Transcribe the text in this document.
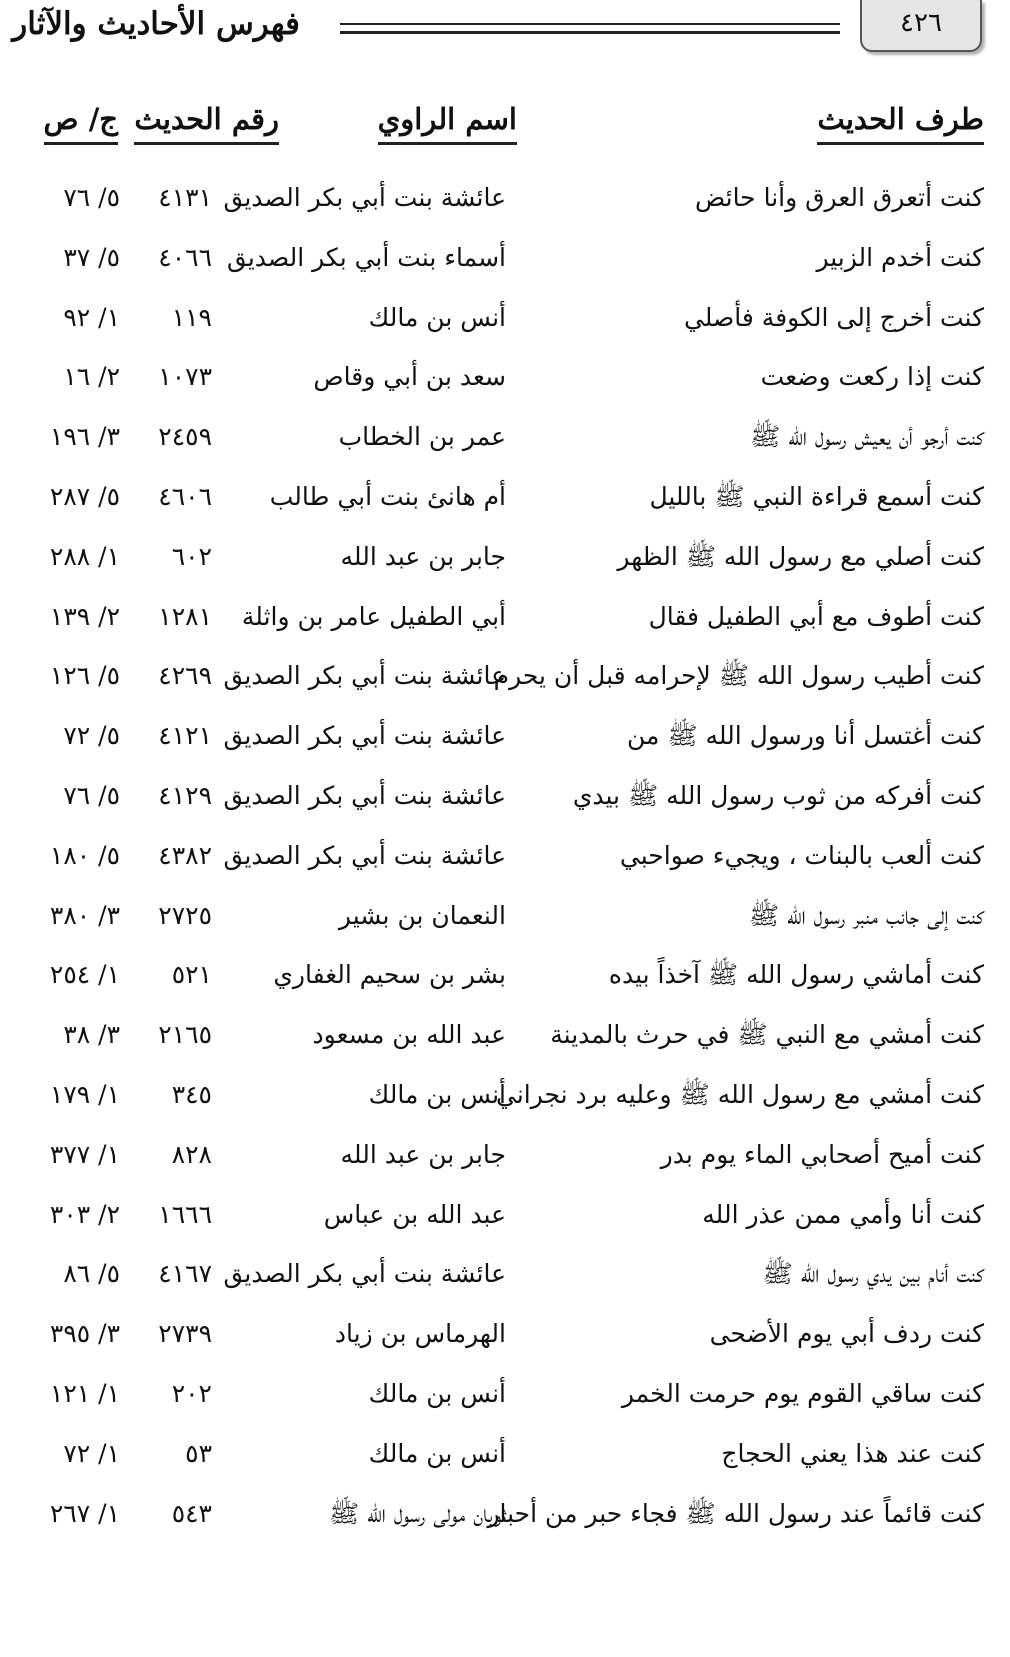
فهرس الأحاديث والآثار	٤٢٦
طرف الحديث
اسم الراوي
رقم الحديث
ج/ ص
كنت أتعرق العرق وأنا حائض
عائشة بنت أبي بكر الصديق
٤١٣١
٥/ ٧٦
كنت أخدم الزبير
أسماء بنت أبي بكر الصديق
٤٠٦٦
٥/ ٣٧
كنت أخرج إلى الكوفة فأصلي
أنس بن مالك
١١٩
١/ ٩٢
كنت إذا ركعت وضعت
سعد بن أبي وقاص
١٠٧٣
٢/ ١٦
كنت أرجو أن يعيش رسول الله ﷺ
عمر بن الخطاب
٢٤٥٩
٣/ ١٩٦
كنت أسمع قراءة النبي ﷺ بالليل
أم هانئ بنت أبي طالب
٤٦٠٦
٥/ ٢٨٧
كنت أصلي مع رسول الله ﷺ الظهر
جابر بن عبد الله
٦٠٢
١/ ٢٨٨
كنت أطوف مع أبي الطفيل فقال
أبي الطفيل عامر بن واثلة
١٢٨١
٢/ ١٣٩
كنت أطيب رسول الله ﷺ لإحرامه قبل أن يحرم
عائشة بنت أبي بكر الصديق
٤٢٦٩
٥/ ١٢٦
كنت أغتسل أنا ورسول الله ﷺ من
عائشة بنت أبي بكر الصديق
٤١٢١
٥/ ٧٢
كنت أفركه من ثوب رسول الله ﷺ بيدي
عائشة بنت أبي بكر الصديق
٤١٢٩
٥/ ٧٦
كنت ألعب بالبنات ، ويجيء صواحبي
عائشة بنت أبي بكر الصديق
٤٣٨٢
٥/ ١٨٠
كنت إلى جانب منبر رسول الله ﷺ
النعمان بن بشير
٢٧٢٥
٣/ ٣٨٠
كنت أماشي رسول الله ﷺ آخذاً بيده
بشر بن سحيم الغفاري
٥٢١
١/ ٢٥٤
كنت أمشي مع النبي ﷺ في حرث بالمدينة
عبد الله بن مسعود
٢١٦٥
٣/ ٣٨
كنت أمشي مع رسول الله ﷺ وعليه برد نجراني
أنس بن مالك
٣٤٥
١/ ١٧٩
كنت أميح أصحابي الماء يوم بدر
جابر بن عبد الله
٨٢٨
١/ ٣٧٧
كنت أنا وأمي ممن عذر الله
عبد الله بن عباس
١٦٦٦
٢/ ٣٠٣
كنت أنام بين يدي رسول الله ﷺ
عائشة بنت أبي بكر الصديق
٤١٦٧
٥/ ٨٦
كنت ردف أبي يوم الأضحى
الهرماس بن زياد
٢٧٣٩
٣/ ٣٩٥
كنت ساقي القوم يوم حرمت الخمر
أنس بن مالك
٢٠٢
١/ ١٢١
كنت عند هذا يعني الحجاج
أنس بن مالك
٥٣
١/ ٧٢
كنت قائماً عند رسول الله ﷺ فجاء حبر من أحبار
ثوبان مولى رسول الله ﷺ
٥٤٣
١/ ٢٦٧
